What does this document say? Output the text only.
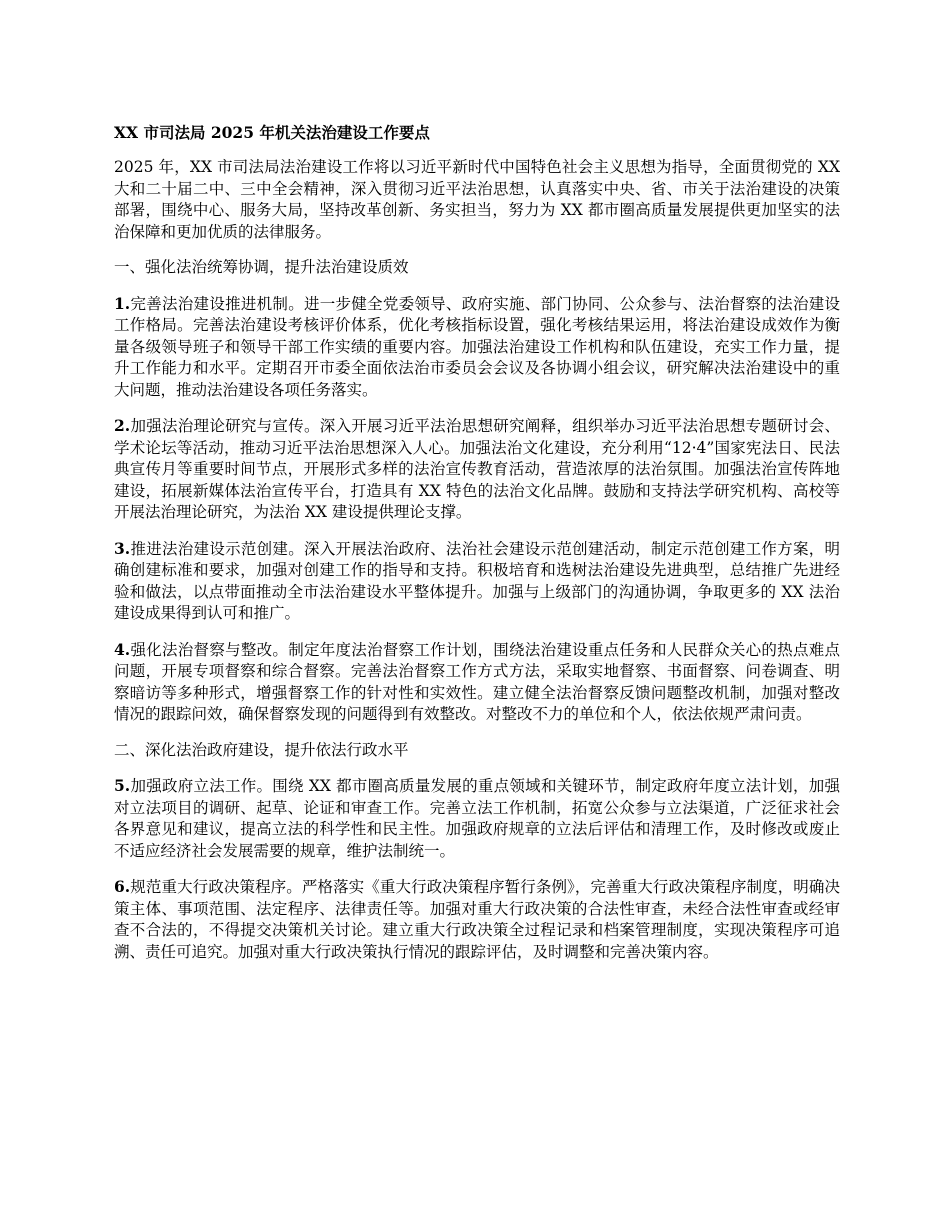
XX 市司法局 2025 年机关法治建设工作要点

2025 年，XX 市司法局法治建设工作将以习近平新时代中国特色社会主义思想为指导，全面贯彻党的 XX 大和二十届二中、三中全会精神，深入贯彻习近平法治思想，认真落实中央、省、市关于法治建设的决策部署，围绕中心、服务大局，坚持改革创新、务实担当，努力为 XX 都市圈高质量发展提供更加坚实的法治保障和更加优质的法律服务。

一、强化法治统筹协调，提升法治建设质效

1.完善法治建设推进机制。进一步健全党委领导、政府实施、部门协同、公众参与、法治督察的法治建设工作格局。完善法治建设考核评价体系，优化考核指标设置，强化考核结果运用，将法治建设成效作为衡量各级领导班子和领导干部工作实绩的重要内容。加强法治建设工作机构和队伍建设，充实工作力量，提升工作能力和水平。定期召开市委全面依法治市委员会会议及各协调小组会议，研究解决法治建设中的重大问题，推动法治建设各项任务落实。

2.加强法治理论研究与宣传。深入开展习近平法治思想研究阐释，组织举办习近平法治思想专题研讨会、学术论坛等活动，推动习近平法治思想深入人心。加强法治文化建设，充分利用“12·4”国家宪法日、民法典宣传月等重要时间节点，开展形式多样的法治宣传教育活动，营造浓厚的法治氛围。加强法治宣传阵地建设，拓展新媒体法治宣传平台，打造具有 XX 特色的法治文化品牌。鼓励和支持法学研究机构、高校等开展法治理论研究，为法治 XX 建设提供理论支撑。

3.推进法治建设示范创建。深入开展法治政府、法治社会建设示范创建活动，制定示范创建工作方案，明确创建标准和要求，加强对创建工作的指导和支持。积极培育和选树法治建设先进典型，总结推广先进经验和做法，以点带面推动全市法治建设水平整体提升。加强与上级部门的沟通协调，争取更多的 XX 法治建设成果得到认可和推广。

4.强化法治督察与整改。制定年度法治督察工作计划，围绕法治建设重点任务和人民群众关心的热点难点问题，开展专项督察和综合督察。完善法治督察工作方式方法，采取实地督察、书面督察、问卷调查、明察暗访等多种形式，增强督察工作的针对性和实效性。建立健全法治督察反馈问题整改机制，加强对整改情况的跟踪问效，确保督察发现的问题得到有效整改。对整改不力的单位和个人，依法依规严肃问责。

二、深化法治政府建设，提升依法行政水平

5.加强政府立法工作。围绕 XX 都市圈高质量发展的重点领域和关键环节，制定政府年度立法计划，加强对立法项目的调研、起草、论证和审查工作。完善立法工作机制，拓宽公众参与立法渠道，广泛征求社会各界意见和建议，提高立法的科学性和民主性。加强政府规章的立法后评估和清理工作，及时修改或废止不适应经济社会发展需要的规章，维护法制统一。

6.规范重大行政决策程序。严格落实《重大行政决策程序暂行条例》，完善重大行政决策程序制度，明确决策主体、事项范围、法定程序、法律责任等。加强对重大行政决策的合法性审查，未经合法性审查或经审查不合法的，不得提交决策机关讨论。建立重大行政决策全过程记录和档案管理制度，实现决策程序可追溯、责任可追究。加强对重大行政决策执行情况的跟踪评估，及时调整和完善决策内容。
